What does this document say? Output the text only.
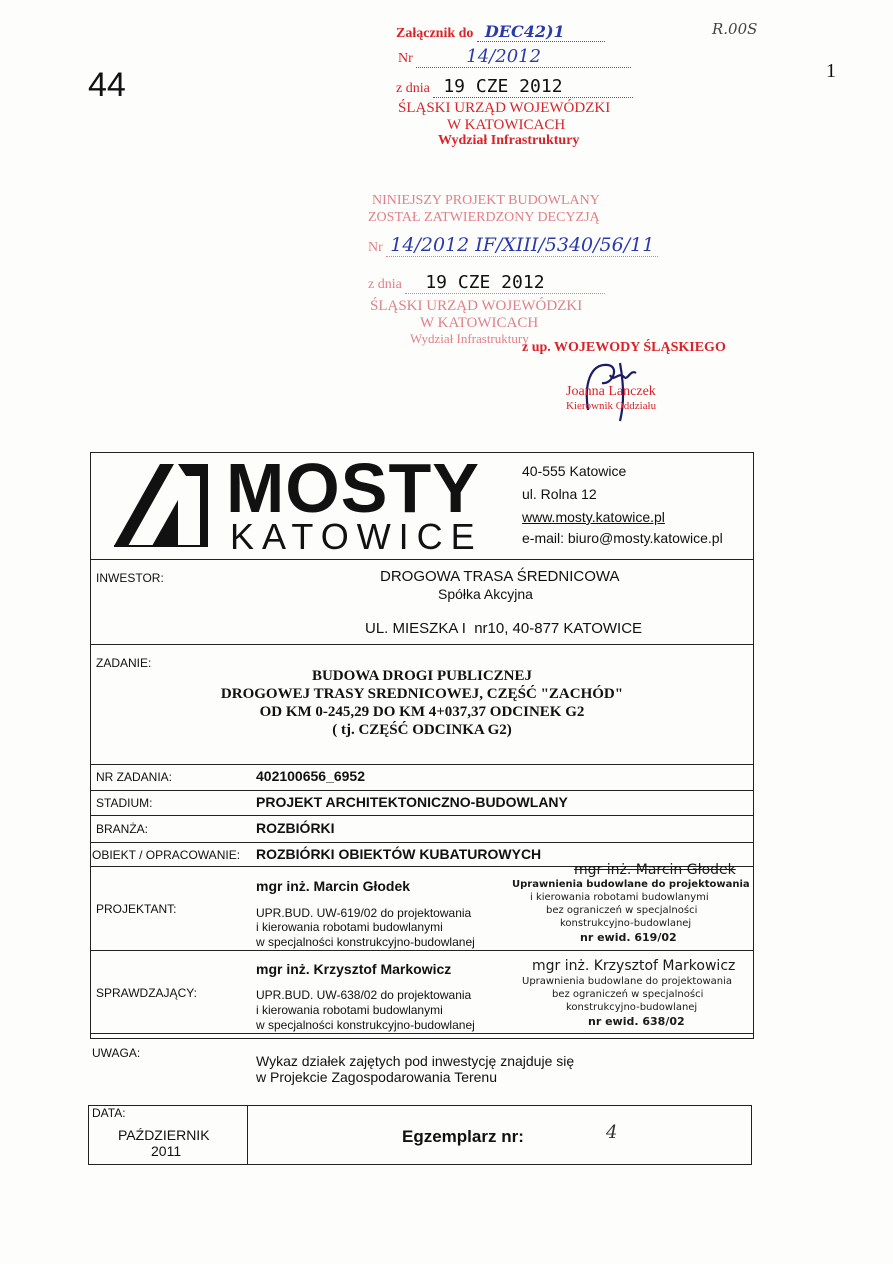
44
R.00S
1
Załącznik do DEC42)1
Nr	14/2012
z dnia 19 CZE 2012
ŚLĄSKI URZĄD WOJEWÓDZKI
W KATOWICACH
Wydział Infrastruktury
NINIEJSZY PROJEKT BUDOWLANY
ZOSTAŁ ZATWIERDZONY DECYZJĄ
Nr 14/2012 IF/XIII/5340/56/11
z dnia 19 CZE 2012
ŚLĄSKI URZĄD WOJEWÓDZKI
W KATOWICACH
Wydział Infrastruktury
z up. WOJEWODY ŚLĄSKIEGO
Joanna Lanczek
Kierownik Oddziału
MOSTY
KATOWICE
40-555 Katowice
ul. Rolna 12
www.mosty.katowice.pl
e-mail: biuro@mosty.katowice.pl
INWESTOR:	DROGOWA TRASA ŚREDNICOWA
Spółka Akcyjna
UL. MIESZKA I  nr10, 40-877 KATOWICE
ZADANIE:
BUDOWA DROGI PUBLICZNEJ
DROGOWEJ TRASY SREDNICOWEJ, CZĘŚĆ "ZACHÓD"
OD KM 0-245,29 DO KM 4+037,37 ODCINEK G2
( tj. CZĘŚĆ ODCINKA G2)
NR ZADANIA:	402100656_6952
STADIUM:	PROJEKT ARCHITEKTONICZNO-BUDOWLANY
BRANŻA:	ROZBIÓRKI
OBIEKT / OPRACOWANIE: ROZBIÓRKI OBIEKTÓW KUBATUROWYCH
PROJEKTANT:
mgr inż. Marcin Głodek
UPR.BUD. UW-619/02 do projektowania
i kierowania robotami budowlanymi
w specjalności konstrukcyjno-budowlanej
mgr inż. Marcin Głodek
Uprawnienia budowlane do projektowania
i kierowania robotami budowlanymi
bez ograniczeń w specjalności
konstrukcyjno-budowlanej
nr ewid. 619/02
SPRAWDZAJĄCY:
mgr inż. Krzysztof Markowicz
UPR.BUD. UW-638/02 do projektowania
i kierowania robotami budowlanymi
w specjalności konstrukcyjno-budowlanej
mgr inż. Krzysztof Markowicz
Uprawnienia budowlane do projektowania
bez ograniczeń w specjalności
konstrukcyjno-budowlanej
nr ewid. 638/02
UWAGA:	Wykaz działek zajętych pod inwestycję znajduje się
w Projekcie Zagospodarowania Terenu
DATA:
PAŹDZIERNIK
2011
Egzemplarz nr:	4
